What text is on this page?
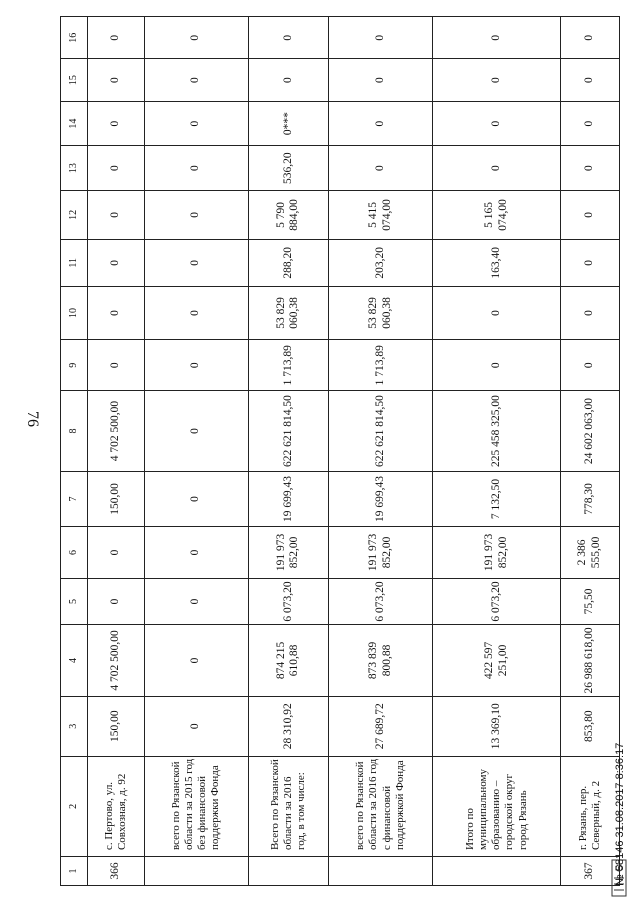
76
1	2	3	4	5	6	7	8	9	10	11	12	13	14	15	16
366	с. Пертово, ул. Совхозная, д. 92	150,00	4 702 500,00	0	0	150,00	4 702 500,00	0	0	0	0	0	0	0	0
	всего по Рязанской области за 2015 год без финансовой поддержки Фонда	0	0	0	0	0	0	0	0	0	0	0	0	0	0
	Всего по Рязанской области за 2016 год, в том числе:	28 310,92	874 215 610,88	6 073,20	191 973 852,00	19 699,43	622 621 814,50	1 713,89	53 829 060,38	288,20	5 790 884,00	536,20	0***	0	0
	всего по Рязанской области за 2016 год с финансовой поддержкой Фонда	27 689,72	873 839 800,88	6 073,20	191 973 852,00	19 699,43	622 621 814,50	1 713,89	53 829 060,38	203,20	5 415 074,00	0	0	0	0
	Итого по муниципальному образованию – городской округ город Рязань	13 369,10	422 597 251,00	6 073,20	191 973 852,00	7 132,50	225 458 325,00	0	0	163,40	5 165 074,00	0	0	0	0
367	г. Рязань, пер. Северный, д. 2	853,80	26 988 618,00	75,50	2 386 555,00	778,30	24 602 063,00	0	0	0	0	0	0	0	0
№ 58146 31.08.2017 8:36:17
